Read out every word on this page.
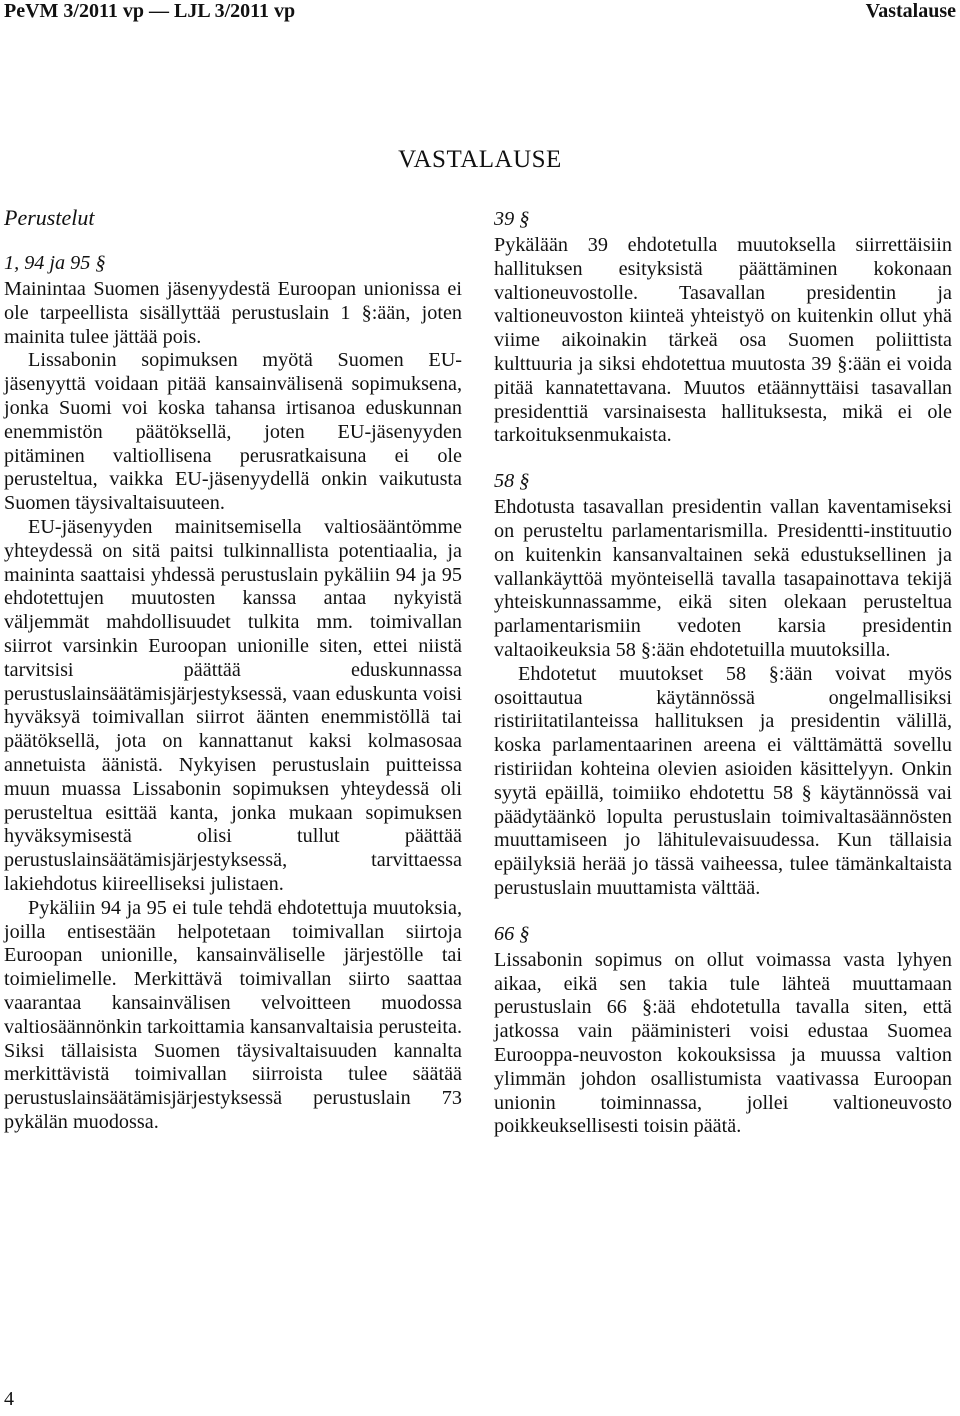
PeVM 3/2011 vp — LJL 3/2011 vp	Vastalause
VASTALAUSE
Perustelut
1, 94 ja 95 §

Mainintaa Suomen jäsenyydestä Euroopan unionissa ei ole tarpeellista sisällyttää perustuslain 1 §:ään, joten mainita tulee jättää pois.

Lissabonin sopimuksen myötä Suomen EU-jäsenyyttä voidaan pitää kansainvälisenä sopimuksena, jonka Suomi voi koska tahansa irtisanoa eduskunnan enemmistön päätöksellä, joten EU-jäsenyyden pitäminen valtiollisena perusratkaisuna ei ole perusteltua, vaikka EU-jäsenyydellä onkin vaikutusta Suomen täysivaltaisuuteen.

EU-jäsenyyden mainitsemisella valtiosääntömme yhteydessä on sitä paitsi tulkinnallista potentiaalia, ja maininta saattaisi yhdessä perustuslain pykäliin 94 ja 95 ehdotettujen muutosten kanssa antaa nykyistä väljemmät mahdollisuudet tulkita mm. toimivallan siirrot varsinkin Euroopan unionille siten, ettei niistä tarvitsisi päättää eduskunnassa perustuslainsäätämisjärjestyksessä, vaan eduskunta voisi hyväksyä toimivallan siirrot äänten enemmistöllä tai päätöksellä, jota on kannattanut kaksi kolmasosaa annetuista äänistä. Nykyisen perustuslain puitteissa muun muassa Lissabonin sopimuksen yhteydessä oli perusteltua esittää kanta, jonka mukaan sopimuksen hyväksymisestä olisi tullut päättää perustuslainsäätämisjärjestyksessä, tarvittaessa lakiehdotus kiireelliseksi julistaen.

Pykäliin 94 ja 95 ei tule tehdä ehdotettuja muutoksia, joilla entisestään helpotetaan toimivallan siirtoja Euroopan unionille, kansainväliselle järjestölle tai toimielimelle. Merkittävä toimivallan siirto saattaa vaarantaa kansainvälisen velvoitteen muodossa valtiosäännönkin tarkoittamia kansanvaltaisia perusteita. Siksi tällaisista Suomen täysivaltaisuuden kannalta merkittävistä toimivallan siirroista tulee säätää perustuslainsäätämisjärjestyksessä perustuslain 73 pykälän muodossa.

39 §

Pykälään 39 ehdotetulla muutoksella siirrettäisiin hallituksen esityksistä päättäminen kokonaan valtioneuvostolle. Tasavallan presidentin ja valtioneuvoston kiinteä yhteistyö on kuitenkin ollut yhä viime aikoinakin tärkeä osa Suomen poliittista kulttuuria ja siksi ehdotettua muutosta 39 §:ään ei voida pitää kannatettavana. Muutos etäännyttäisi tasavallan presidenttiä varsinaisesta hallituksesta, mikä ei ole tarkoituksenmukaista.

58 §

Ehdotusta tasavallan presidentin vallan kaventamiseksi on perusteltu parlamentarismilla. Presidentti-instituutio on kuitenkin kansanvaltainen sekä edustuksellinen ja vallankäyttöä myönteisellä tavalla tasapainottava tekijä yhteiskunnassamme, eikä siten olekaan perusteltua parlamentarismiin vedoten karsia presidentin valtaoikeuksia 58 §:ään ehdotetuilla muutoksilla.

Ehdotetut muutokset 58 §:ään voivat myös osoittautua käytännössä ongelmallisiksi ristiriitatilanteissa hallituksen ja presidentin välillä, koska parlamentaarinen areena ei välttämättä sovellu ristiriidan kohteina olevien asioiden käsittelyyn. Onkin syytä epäillä, toimiiko ehdotettu 58 § käytännössä vai päädytäänkö lopulta perustuslain toimivaltasäännösten muuttamiseen jo lähitulevaisuudessa. Kun tällaisia epäilyksiä herää jo tässä vaiheessa, tulee tämänkaltaista perustuslain muuttamista välttää.

66 §

Lissabonin sopimus on ollut voimassa vasta lyhyen aikaa, eikä sen takia tule lähteä muuttamaan perustuslain 66 §:ää ehdotetulla tavalla siten, että jatkossa vain pääministeri voisi edustaa Suomea Eurooppa-neuvoston kokouksissa ja muussa valtion ylimmän johdon osallistumista vaativassa Euroopan unionin toiminnassa, jollei valtioneuvosto poikkeuksellisesti toisin päätä.

4
